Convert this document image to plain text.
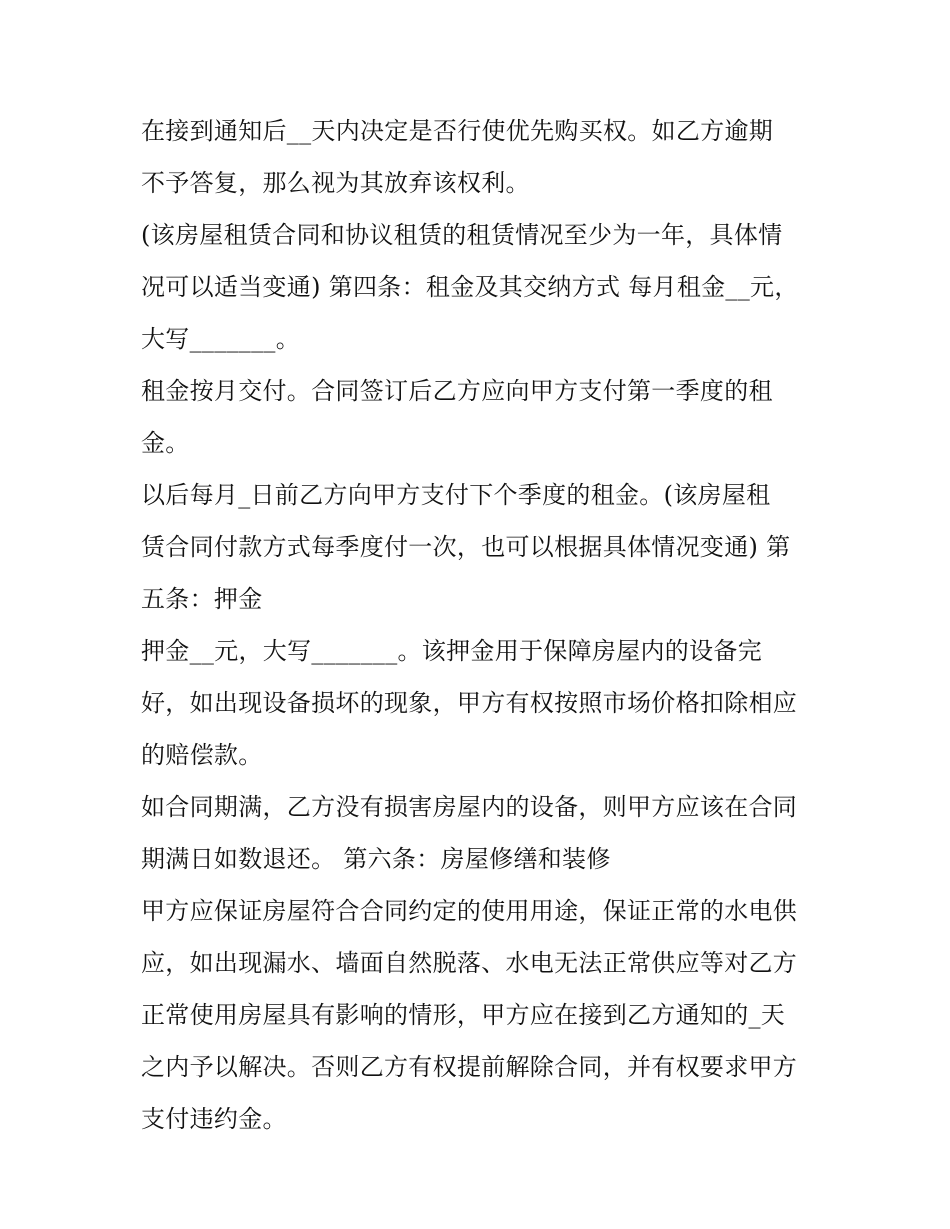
在接到通知后__天内决定是否行使优先购买权。如乙方逾期
不予答复，那么视为其放弃该权利。
(该房屋租赁合同和协议租赁的租赁情况至少为一年，具体情
况可以适当变通) 第四条：租金及其交纳方式 每月租金__元，
大写_______。
租金按月交付。合同签订后乙方应向甲方支付第一季度的租
金。
以后每月_日前乙方向甲方支付下个季度的租金。(该房屋租
赁合同付款方式每季度付一次，也可以根据具体情况变通) 第
五条：押金
押金__元，大写_______。该押金用于保障房屋内的设备完
好，如出现设备损坏的现象，甲方有权按照市场价格扣除相应
的赔偿款。
如合同期满，乙方没有损害房屋内的设备，则甲方应该在合同
期满日如数退还。 第六条：房屋修缮和装修
甲方应保证房屋符合合同约定的使用用途，保证正常的水电供
应，如出现漏水、墙面自然脱落、水电无法正常供应等对乙方
正常使用房屋具有影响的情形，甲方应在接到乙方通知的_天
之内予以解决。否则乙方有权提前解除合同，并有权要求甲方
支付违约金。
